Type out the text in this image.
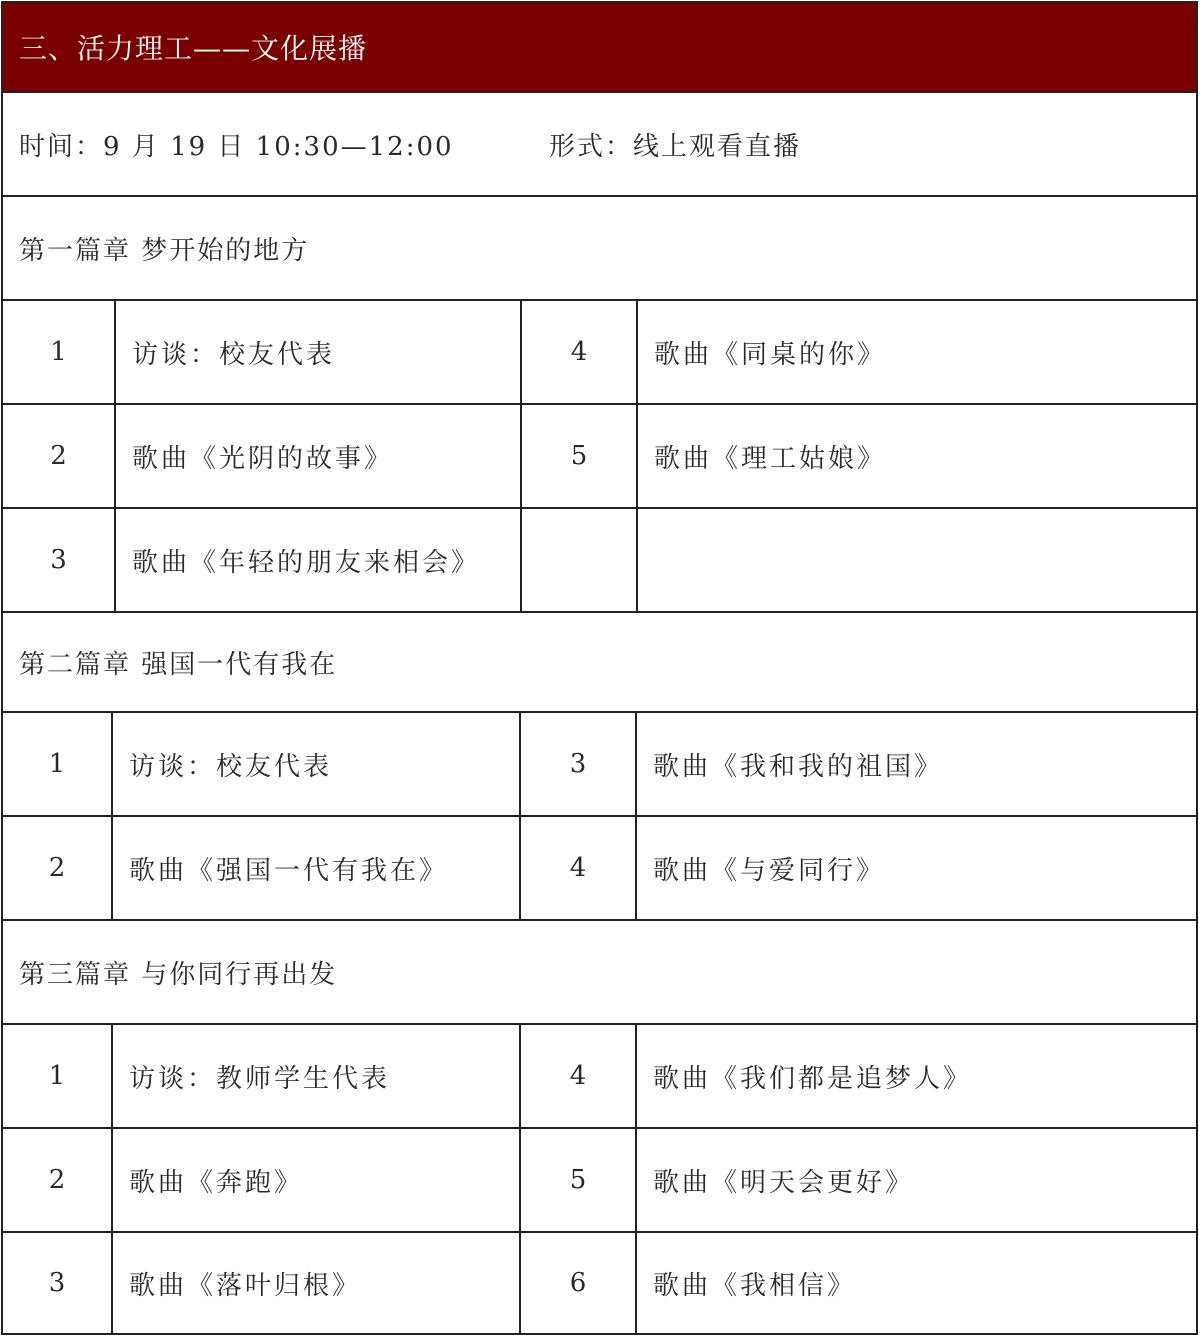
三、活力理工——文化展播
时间：9 月 19 日 10:30—12:00	形式：线上观看直播
第一篇章 梦开始的地方
1	访谈：校友代表	4	歌曲《同桌的你》
2	歌曲《光阴的故事》	5	歌曲《理工姑娘》
3	歌曲《年轻的朋友来相会》
第二篇章 强国一代有我在
1	访谈：校友代表	3	歌曲《我和我的祖国》
2	歌曲《强国一代有我在》	4	歌曲《与爱同行》
第三篇章 与你同行再出发
1	访谈：教师学生代表	4	歌曲《我们都是追梦人》
2	歌曲《奔跑》	5	歌曲《明天会更好》
3	歌曲《落叶归根》	6	歌曲《我相信》
